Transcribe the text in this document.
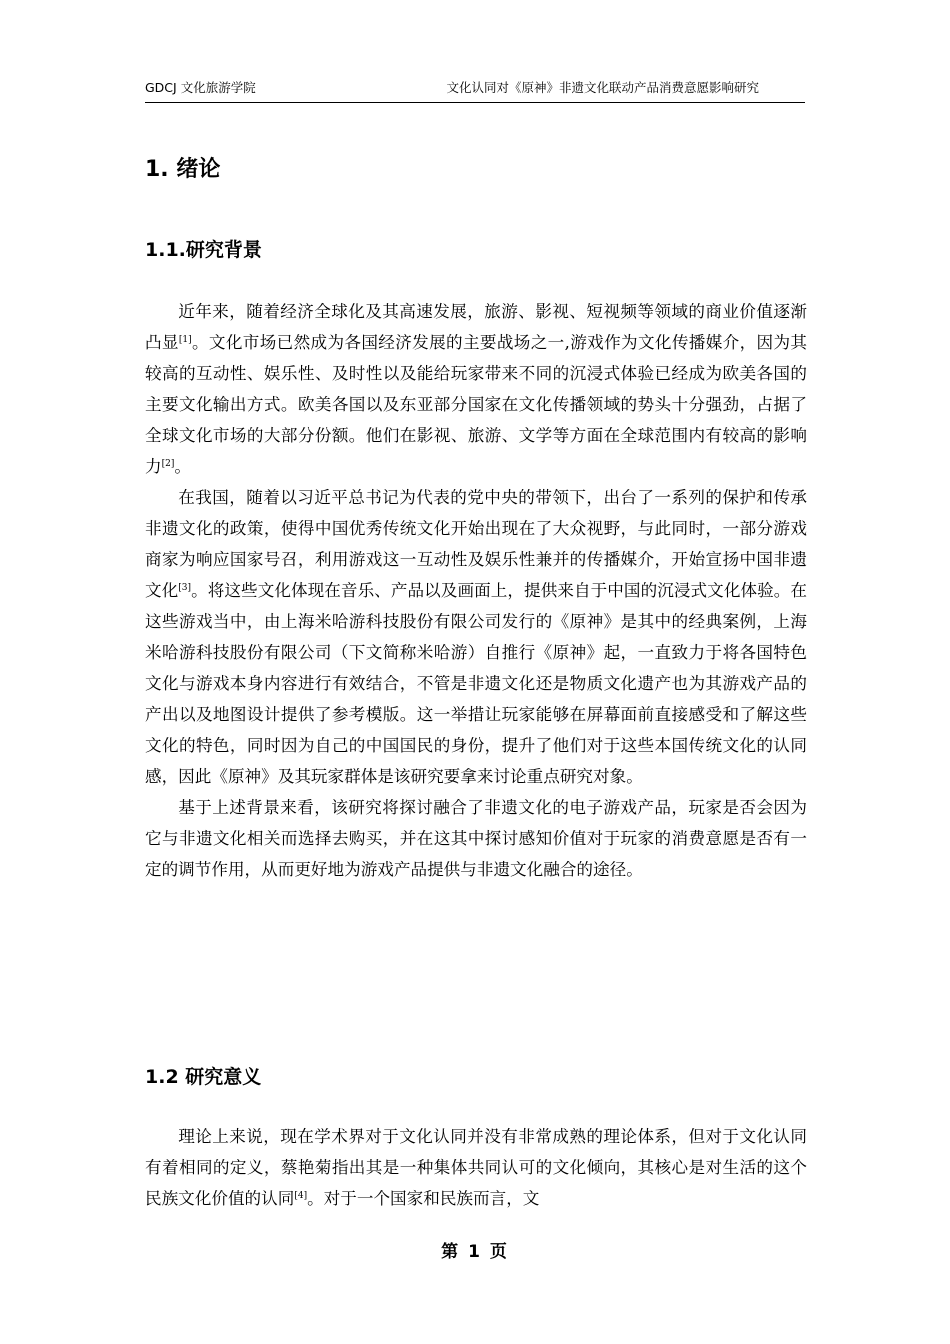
GDCJ 文化旅游学院	文化认同对《原神》非遗文化联动产品消费意愿影响研究
1. 绪论
1.1.研究背景

近年来，随着经济全球化及其高速发展，旅游、影视、短视频等领域的商业价值逐渐凸显[1]。文化市场已然成为各国经济发展的主要战场之一,游戏作为文化传播媒介，因为其较高的互动性、娱乐性、及时性以及能给玩家带来不同的沉浸式体验已经成为欧美各国的主要文化输出方式。欧美各国以及东亚部分国家在文化传播领域的势头十分强劲，占据了全球文化市场的大部分份额。他们在影视、旅游、文学等方面在全球范围内有较高的影响力[2]。

在我国，随着以习近平总书记为代表的党中央的带领下，出台了一系列的保护和传承非遗文化的政策，使得中国优秀传统文化开始出现在了大众视野，与此同时，一部分游戏商家为响应国家号召，利用游戏这一互动性及娱乐性兼并的传播媒介，开始宣扬中国非遗文化[3]。将这些文化体现在音乐、产品以及画面上，提供来自于中国的沉浸式文化体验。在这些游戏当中，由上海米哈游科技股份有限公司发行的《原神》是其中的经典案例，上海米哈游科技股份有限公司（下文简称米哈游）自推行《原神》起，一直致力于将各国特色文化与游戏本身内容进行有效结合，不管是非遗文化还是物质文化遗产也为其游戏产品的产出以及地图设计提供了参考模版。这一举措让玩家能够在屏幕面前直接感受和了解这些文化的特色，同时因为自己的中国国民的身份，提升了他们对于这些本国传统文化的认同感，因此《原神》及其玩家群体是该研究要拿来讨论重点研究对象。

基于上述背景来看，该研究将探讨融合了非遗文化的电子游戏产品，玩家是否会因为它与非遗文化相关而选择去购买，并在这其中探讨感知价值对于玩家的消费意愿是否有一定的调节作用，从而更好地为游戏产品提供与非遗文化融合的途径。

1.2 研究意义

理论上来说，现在学术界对于文化认同并没有非常成熟的理论体系，但对于文化认同有着相同的定义，蔡艳菊指出其是一种集体共同认可的文化倾向，其核心是对生活的这个民族文化价值的认同[4]。对于一个国家和民族而言，文

第 1 页
